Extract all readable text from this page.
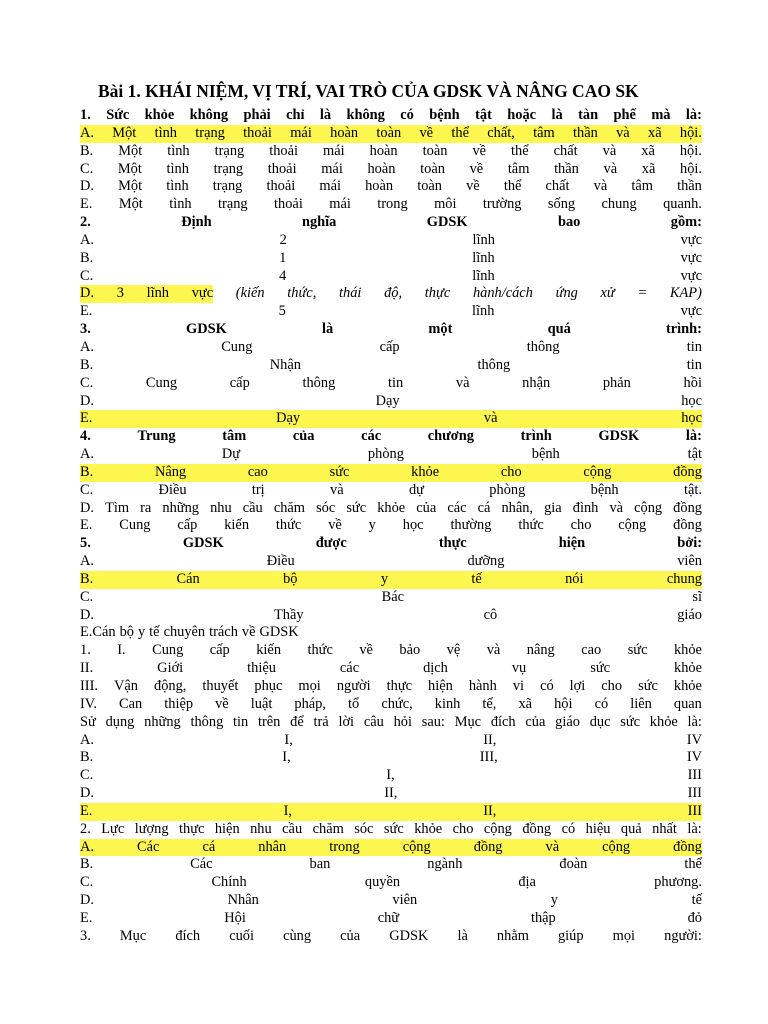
Bài 1. KHÁI NIỆM, VỊ TRÍ, VAI TRÒ CỦA GDSK VÀ NÂNG CAO SK
1. Sức khỏe không phải chỉ là không có bệnh tật hoặc là tàn phế mà là:
A. Một tình trạng thoải mái hoàn toàn về thể chất, tâm thần và xã hội.
B. Một tình trạng thoải mái hoàn toàn về thể chất và xã hội.
C. Một tình trạng thoải mái hoàn toàn về tâm thần và xã hội.
D. Một tình trạng thoải mái hoàn toàn về thể chất và tâm thần
E. Một tình trạng thoải mái trong môi trường sống chung quanh.
2.	Định	nghĩa	GDSK	bao	gồm:
A.	2	lĩnh	vực
B.	1	lĩnh	vực
C.	4	lĩnh	vực
D. 3 lĩnh vực (kiến thức, thái độ, thực hành/cách ứng xử = KAP)
E.	5	lĩnh	vực
3.	GDSK	là	một	quá	trình:
A.	Cung	cấp	thông	tin
B.	Nhận	thông	tin
C.	Cung	cấp	thông	tin	và	nhận	phản	hồi
D.	Dạy	học
E.	Dạy	và	học
4.	Trung	tâm	của	các	chương	trình	GDSK	là:
A.	Dự	phòng	bệnh	tật
B.	Nâng	cao	sức	khỏe	cho	cộng	đồng
C.	Điều	trị	và	dự	phòng	bệnh	tật.
D. Tìm ra những nhu cầu chăm sóc sức khỏe của các cá nhân, gia đình và cộng đồng
E. Cung cấp kiến thức về y học thường thức cho cộng đồng
5.	GDSK	được	thực	hiện	bởi:
A.	Điều	dưỡng	viên
B.	Cán	bộ	y	tế	nói	chung
C.	Bác	sĩ
D.	Thầy	cô	giáo
E.Cán bộ y tế chuyên trách về GDSK
1. I. Cung cấp kiến thức về bảo vệ và nâng cao sức khỏe
II.	Giới	thiệu	các	dịch	vụ	sức	khỏe
III. Vận động, thuyết phục mọi người thực hiện hành vi có lợi cho sức khỏe
IV. Can thiệp về luật pháp, tổ chức, kinh tế, xã hội có liên quan
Sử dụng những thông tin trên để trả lời câu hỏi sau: Mục đích của giáo dục sức khỏe là:
A.	I,	II,	IV
B.	I,	III,	IV
C.	I,	III
D.	II,	III
E.	I,	II,	III
2. Lực lượng thực hiện nhu cầu chăm sóc sức khỏe cho cộng đồng có hiệu quả nhất là:
A.	Các	cá	nhân	trong	cộng	đồng	và	cộng	đồng
B.	Các	ban	ngành	đoàn	thể
C.	Chính	quyền	địa	phương.
D.	Nhân	viên	y	tế
E.	Hội	chữ	thập	đỏ
3. Mục đích cuối cùng của GDSK là nhằm giúp mọi người:
